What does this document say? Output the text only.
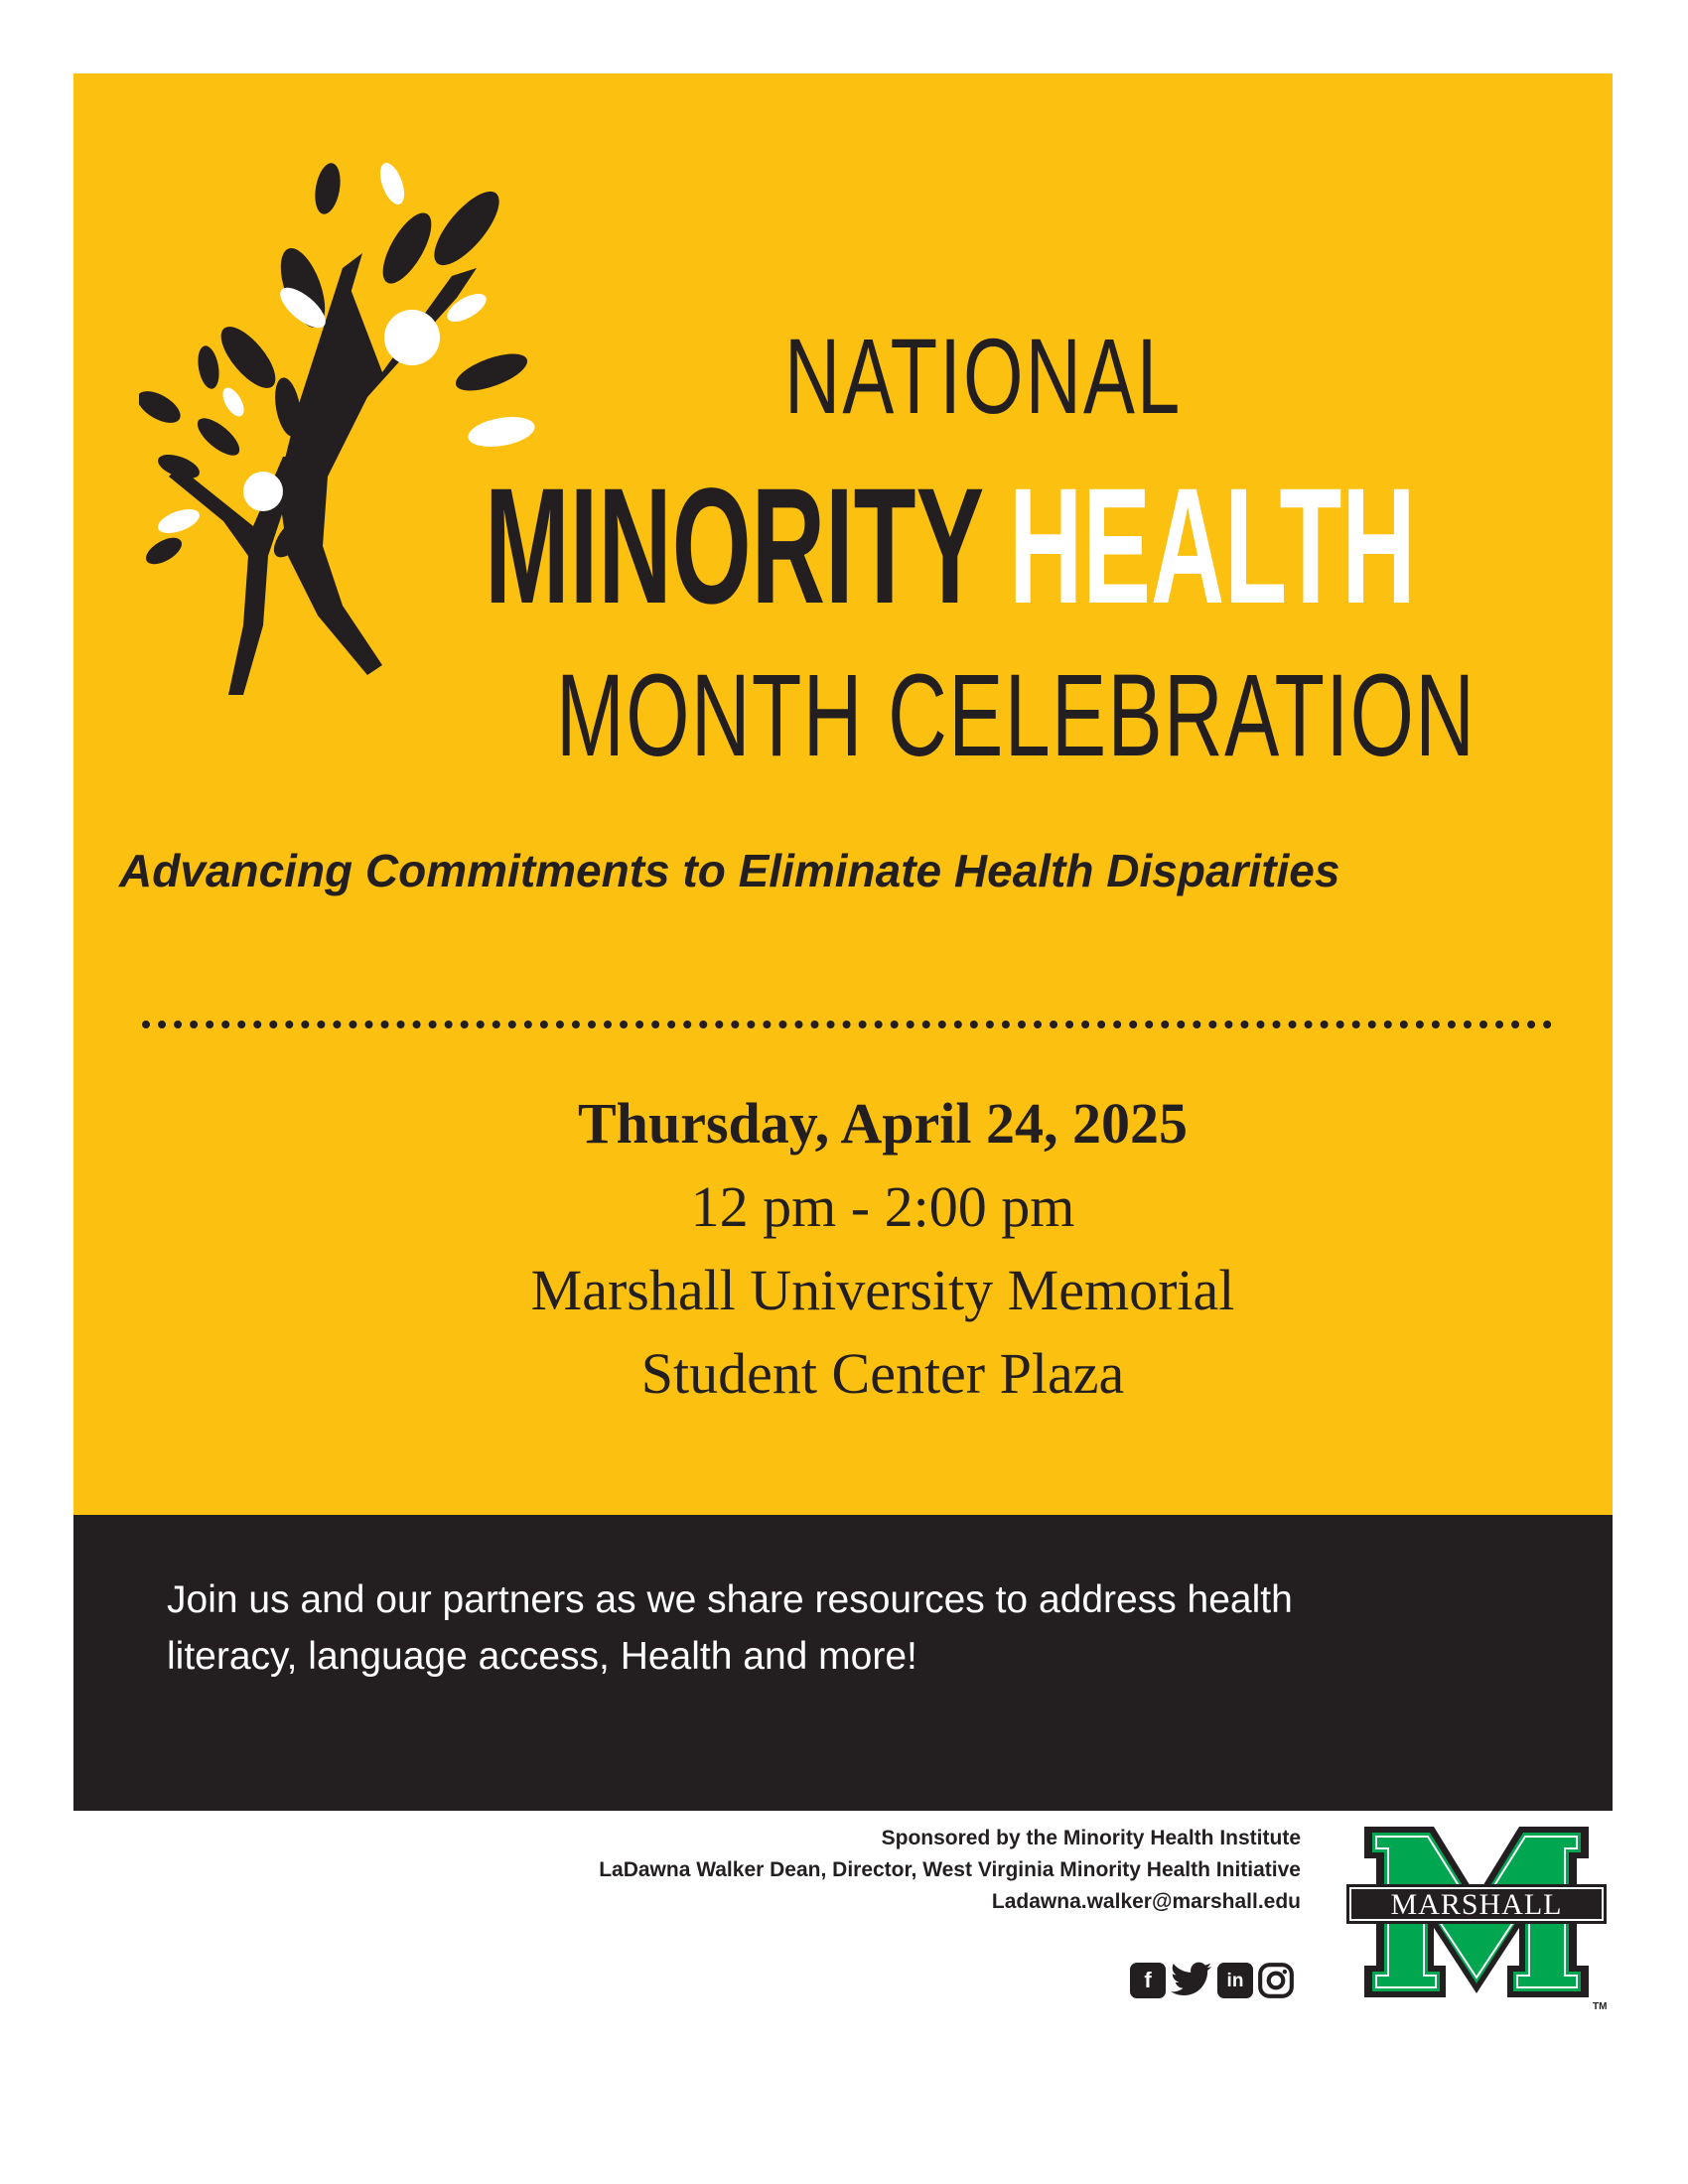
NATIONAL
MINORITY HEALTH
MONTH CELEBRATION
Advancing Commitments to Eliminate Health Disparities
Thursday, April 24, 2025
12 pm - 2:00 pm
Marshall University Memorial
Student Center Plaza
Join us and our partners as we share resources to address health
literacy, language access, Health and more!
Sponsored by the Minority Health Institute
LaDawna Walker Dean, Director, West Virginia Minority Health Initiative
Ladawna.walker@marshall.edu
f	in
MARSHALL
TM
